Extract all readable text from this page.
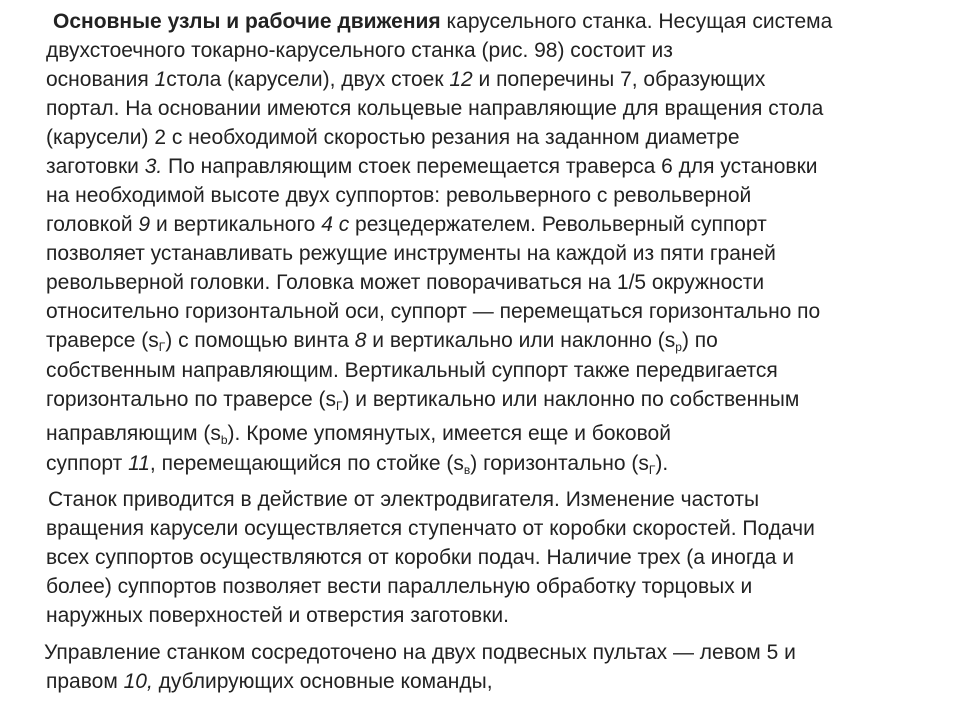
Основные узлы и рабочие движения карусельного станка. Несущая система
двухстоечного токарно-карусельного станка (рис. 98) состоит из
основания 1стола (карусели), двух стоек 12 и поперечины 7, образующих
портал. На основании имеются кольцевые направляющие для вращения стола
(карусели) 2 с необходимой скоростью резания на заданном диаметре
заготовки 3. По направляющим стоек перемещается траверса 6 для установки
на необходимой высоте двух суппортов: револьверного с револьверной
головкой 9 и вертикального 4 с резцедержателем. Револьверный суппорт
позволяет устанавливать режущие инструменты на каждой из пяти граней
револьверной головки. Головка может поворачиваться на 1/5 окружности
относительно горизонтальной оси, суппорт — перемещаться горизонтально по
траверсе $(s_Г)$ с помощью винта 8 и вертикально или наклонно $(s_р)$ по
собственным направляющим. Вертикальный суппорт также передвигается
горизонтально по траверсе $(s_Г)$ и вертикально или наклонно по собственным
направляющим $(s_b)$. Кроме упомянутых, имеется еще и боковой
суппорт 11, перемещающийся по стойке $(s_в)$ горизонтально $(s_Г)$.
Станок приводится в действие от электродвигателя. Изменение частоты
вращения карусели осуществляется ступенчато от коробки скоростей. Подачи
всех суппортов осуществляются от коробки подач. Наличие трех (а иногда и
более) суппортов позволяет вести параллельную обработку торцовых и
наружных поверхностей и отверстия заготовки.
Управление станком сосредоточено на двух подвесных пультах — левом 5 и
правом 10, дублирующих основные команды,
